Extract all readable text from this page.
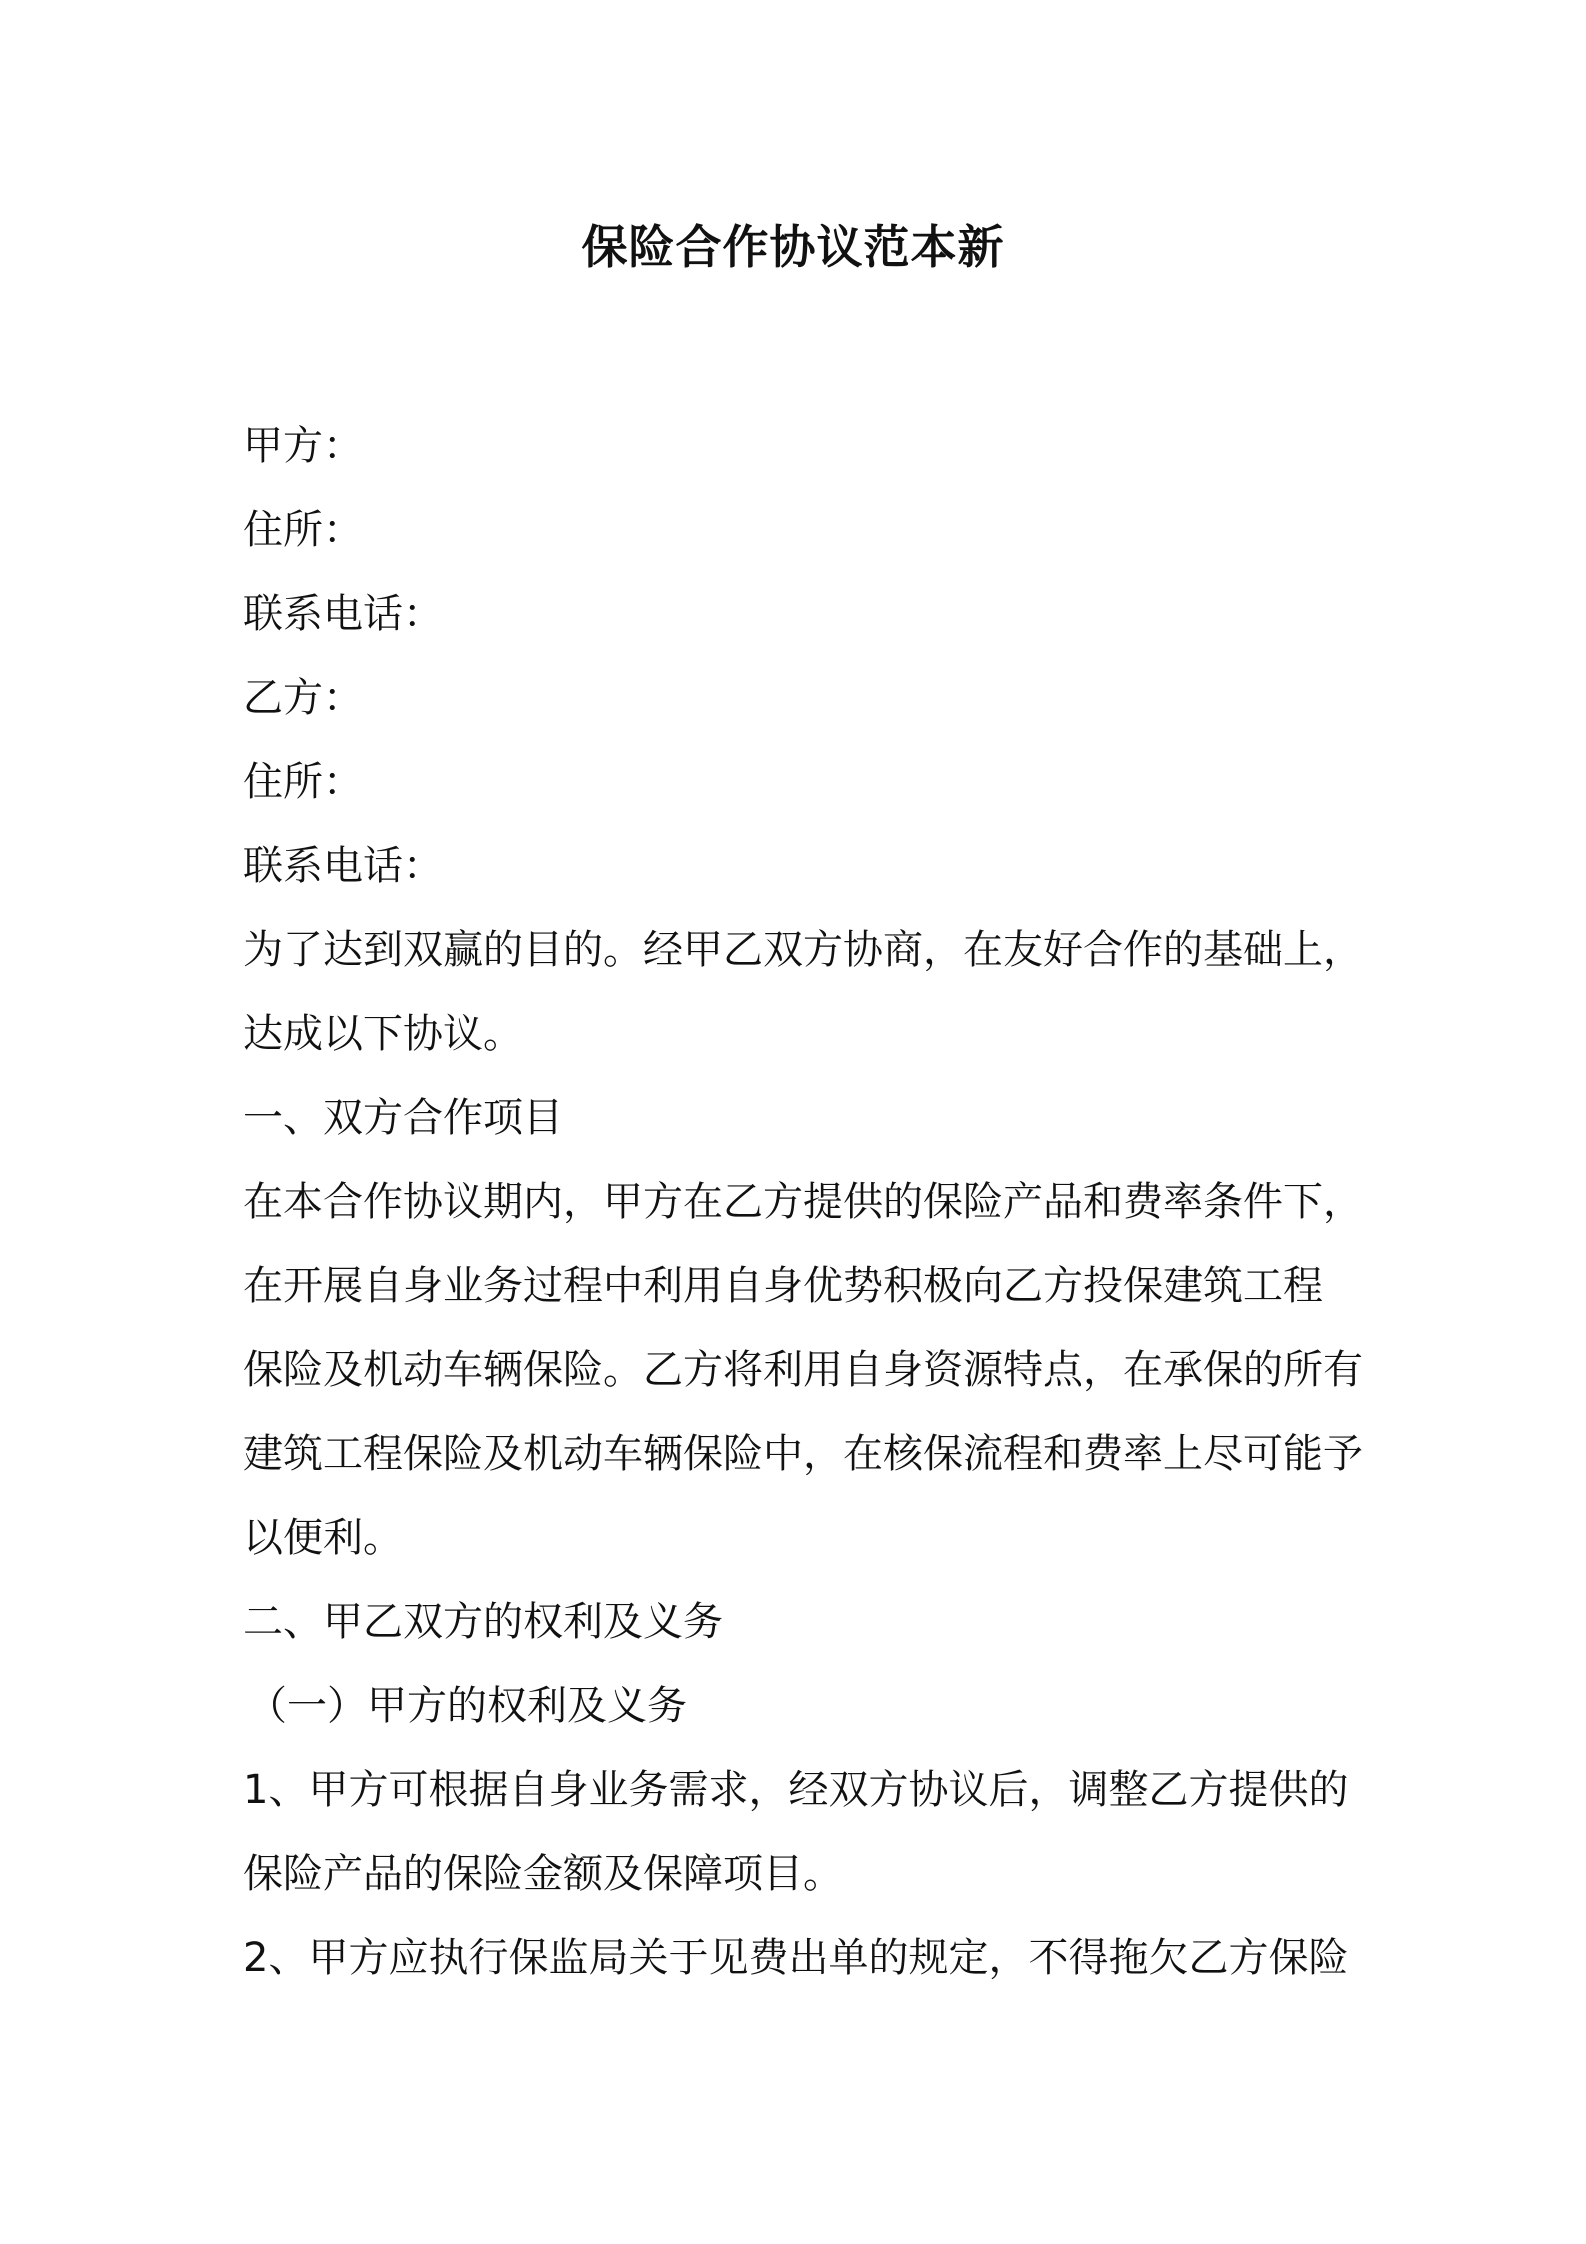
保险合作协议范本新
甲方：
住所：
联系电话：
乙方：
住所：
联系电话：
为了达到双赢的目的。经甲乙双方协商，在友好合作的基础上，
达成以下协议。
一、双方合作项目
在本合作协议期内，甲方在乙方提供的保险产品和费率条件下，
在开展自身业务过程中利用自身优势积极向乙方投保建筑工程
保险及机动车辆保险。乙方将利用自身资源特点，在承保的所有
建筑工程保险及机动车辆保险中，在核保流程和费率上尽可能予
以便利。
二、甲乙双方的权利及义务
（一）甲方的权利及义务
1、甲方可根据自身业务需求，经双方协议后，调整乙方提供的
保险产品的保险金额及保障项目。
2、甲方应执行保监局关于见费出单的规定，不得拖欠乙方保险
